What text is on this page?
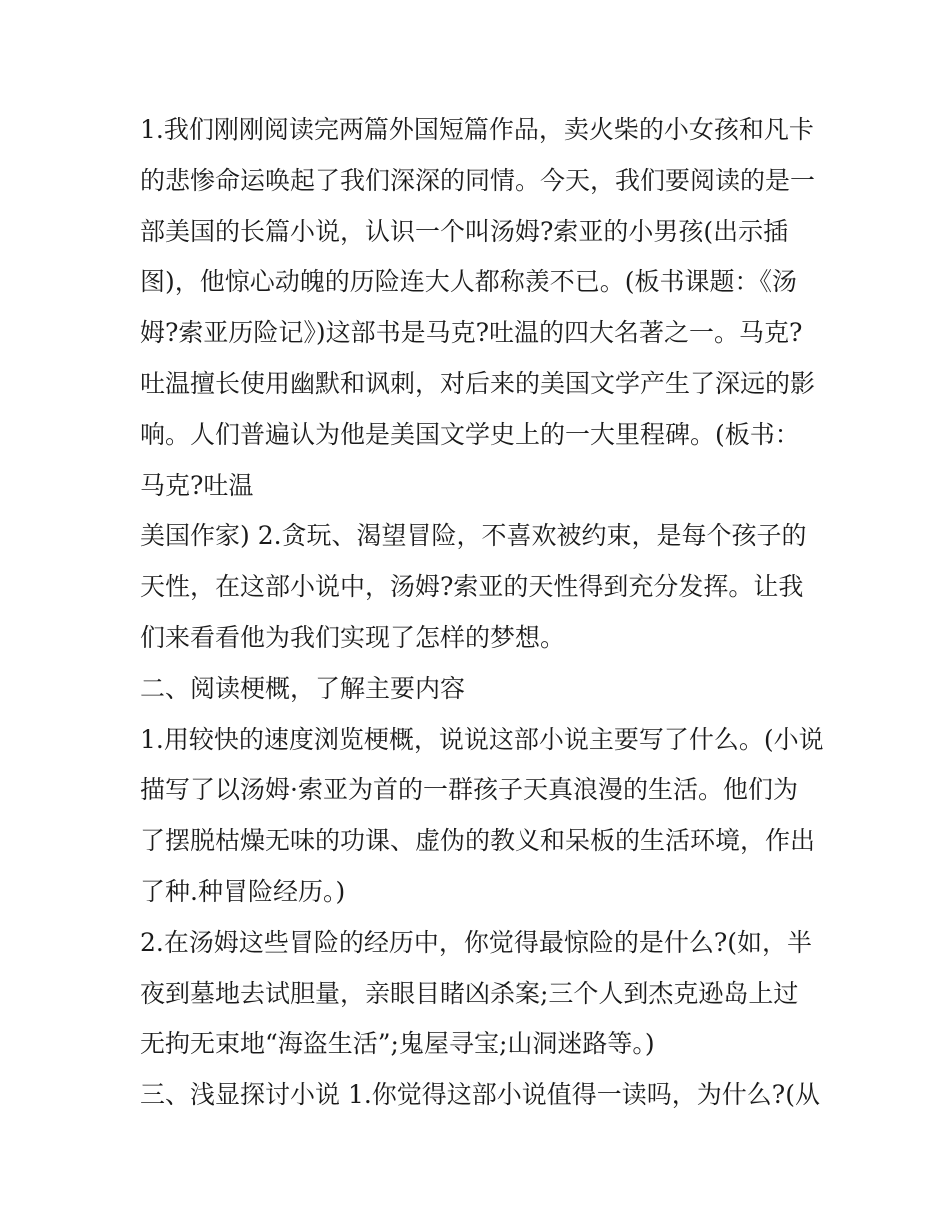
1.我们刚刚阅读完两篇外国短篇作品，卖火柴的小女孩和凡卡
的悲惨命运唤起了我们深深的同情。今天，我们要阅读的是一
部美国的长篇小说，认识一个叫汤姆?索亚的小男孩(出示插
图)，他惊心动魄的历险连大人都称羡不已。(板书课题：《汤
姆?索亚历险记》)这部书是马克?吐温的四大名著之一。马克?
吐温擅长使用幽默和讽刺，对后来的美国文学产生了深远的影
响。人们普遍认为他是美国文学史上的一大里程碑。(板书：
马克?吐温
美国作家) 2.贪玩、渴望冒险，不喜欢被约束，是每个孩子的
天性，在这部小说中，汤姆?索亚的天性得到充分发挥。让我
们来看看他为我们实现了怎样的梦想。
二、阅读梗概，了解主要内容
1.用较快的速度浏览梗概，说说这部小说主要写了什么。(小说
描写了以汤姆·索亚为首的一群孩子天真浪漫的生活。他们为
了摆脱枯燥无味的功课、虚伪的教义和呆板的生活环境，作出
了种.种冒险经历。)
2.在汤姆这些冒险的经历中，你觉得最惊险的是什么?(如，半
夜到墓地去试胆量，亲眼目睹凶杀案;三个人到杰克逊岛上过
无拘无束地“海盗生活”;鬼屋寻宝;山洞迷路等。)
三、浅显探讨小说 1.你觉得这部小说值得一读吗，为什么?(从
